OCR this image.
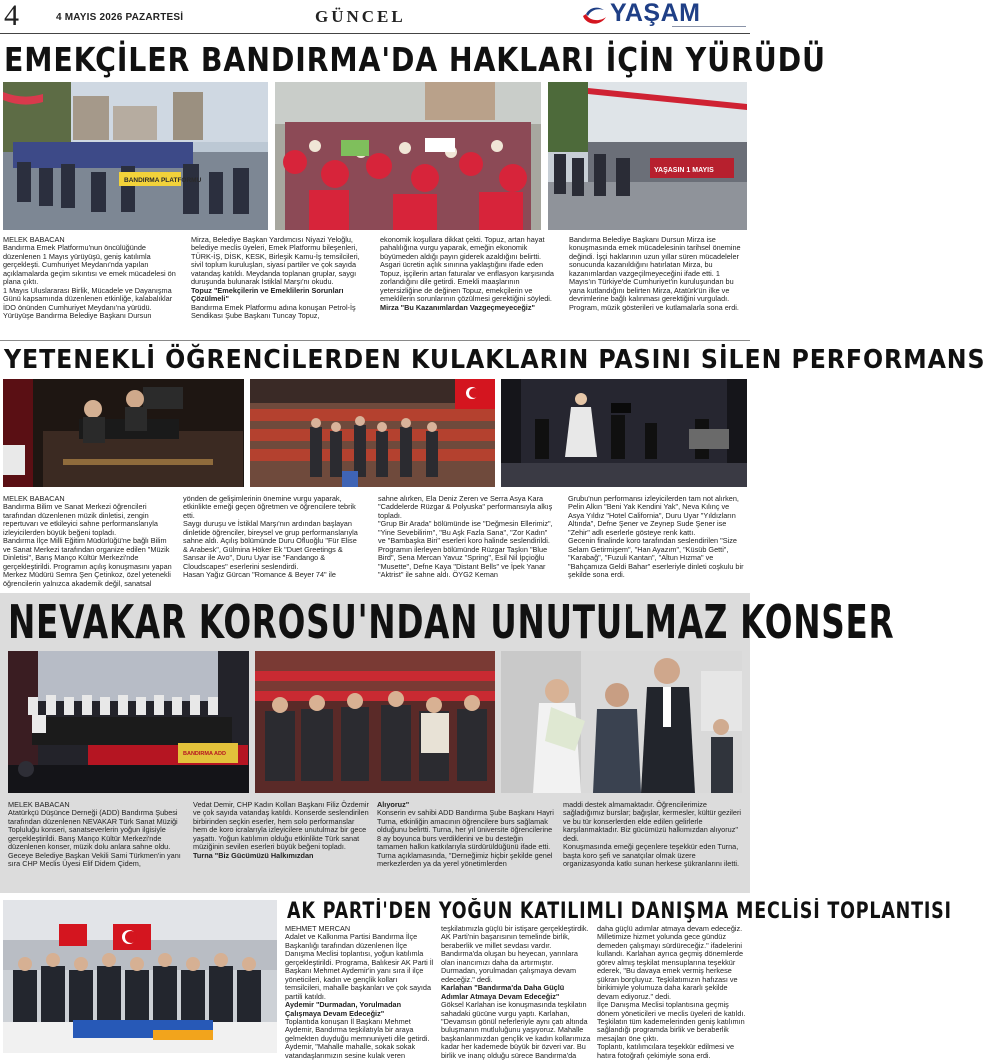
4	4 MAYIS 2026 PAZARTESİ	GÜNCEL	YAŞAM
EMEKÇİLER BANDIRMA'DA HAKLARI İÇİN YÜRÜDÜ
BANDIRMA PLATFORMU
YAŞASIN 1 MAYIS

MELEK BABACAN

Bandırma Emek Platformu'nun öncülüğünde düzenlenen 1 Mayıs yürüyüşü, geniş katılımla gerçekleşti. Cumhuriyet Meydanı'nda yapılan açıklamalarda geçim sıkıntısı ve emek mücadelesi ön plana çıktı.

1 Mayıs Uluslararası Birlik, Mücadele ve Dayanışma Günü kapsamında düzenlenen etkinliğe, kalabalıklar İDO önünden Cumhuriyet Meydanı'na yürüdü.

Yürüyüşe Bandırma Belediye Başkanı Dursun

Mirza, Belediye Başkan Yardımcısı Niyazi Yeloğlu, belediye meclis üyeleri, Emek Platformu bileşenleri, TÜRK-İŞ, DİSK, KESK, Birleşik Kamu-İş temsilcileri, sivil toplum kuruluşları, siyasi partiler ve çok sayıda vatandaş katıldı. Meydanda toplanan gruplar, saygı duruşunda bulunarak İstiklal Marşı'nı okudu.

Topuz "Emekçilerin ve Emeklilerin Sorunları Çözülmeli"

Bandırma Emek Platformu adına konuşan Petrol-İş Sendikası Şube Başkanı Tuncay Topuz,

ekonomik koşullara dikkat çekti. Topuz, artan hayat pahalılığına vurgu yaparak, emeğin ekonomik büyümeden aldığı payın giderek azaldığını belirtti. Asgari ücretin açlık sınırına yaklaştığını ifade eden Topuz, işçilerin artan faturalar ve enflasyon karşısında zorlandığını dile getirdi. Emekli maaşlarının yetersizliğine de değinen Topuz, emekçilerin ve emeklilerin sorunlarının çözülmesi gerektiğini söyledi.

Mirza "Bu Kazanımlardan Vazgeçmeyeceğiz"

Bandırma Belediye Başkanı Dursun Mirza ise konuşmasında emek mücadelesinin tarihsel önemine değindi. İşçi haklarının uzun yıllar süren mücadeleler sonucunda kazanıldığını hatırlatan Mirza, bu kazanımlardan vazgeçilmeyeceğini ifade etti. 1 Mayıs'ın Türkiye'de Cumhuriyet'in kuruluşundan bu yana kutlandığını belirten Mirza, Atatürk'ün ilke ve devrimlerine bağlı kalınması gerektiğini vurguladı.

Program, müzik gösterileri ve kutlamalarla sona erdi.

YETENEKLİ ÖĞRENCİLERDEN KULAKLARIN PASINI SİLEN PERFORMANS

MELEK BABACAN

Bandırma Bilim ve Sanat Merkezi öğrencileri tarafından düzenlenen müzik dinletisi, zengin repertuvarı ve etkileyici sahne performanslarıyla izleyicilerden büyük beğeni topladı.

Bandırma İlçe Milli Eğitim Müdürlüğü'ne bağlı Bilim ve Sanat Merkezi tarafından organize edilen "Müzik Dinletisi", Barış Manço Kültür Merkezi'nde gerçekleştirildi. Programın açılış konuşmasını yapan Merkez Müdürü Semra Şen Çetinkoz, özel yetenekli öğrencilerin yalnızca akademik değil, sanatsal

yönden de gelişimlerinin önemine vurgu yaparak, etkinlikte emeği geçen öğretmen ve öğrencilere tebrik etti.

Saygı duruşu ve İstiklal Marşı'nın ardından başlayan dinletide öğrenciler, bireysel ve grup performanslarıyla sahne aldı. Açılış bölümünde Duru Ofluoğlu "Für Elise & Arabesk", Gülmina Höker Ek "Duet Greetings & Sansar ile Avo", Duru Uyar ise "Fandango & Cloudscapes" eserlerini seslendirdi.

Hasan Yağız Gürcan "Romance & Beyer 74" ile

sahne alırken, Ela Deniz Zeren ve Serra Asya Kara "Caddelerde Rüzgar & Polyuska" performansıyla alkış topladı.

"Grup Bir Arada" bölümünde ise "Değmesin Ellerimiz", "Yine Sevebilirim", "Bu Aşk Fazla Sana", "Zor Kadın" ve "Bambaşka Biri" eserleri koro halinde seslendirildi.

Programın ilerleyen bölümünde Rüzgar Taşkın "Blue Bird", Sena Mercan Yavuz "Spring", Esil Nil İpçioğlu "Musette", Defne Kaya "Distant Bells" ve İpek Yanar "Aktrist" ile sahne aldı. ÖYG2 Keman

Grubu'nun performansı izleyicilerden tam not alırken, Pelin Alkın "Beni Yak Kendini Yak", Neva Kılınç ve Asya Yıldız "Hotel California", Duru Uyar "Yıldızların Altında", Defne Şener ve Zeynep Sude Şener ise "Zehir" adlı eserlerle gösteye renk kattı.

Gecenin finalinde koro tarafından seslendirilen "Size Selam Getirmişem", "Han Ayazım", "Küsüb Getti", "Karabağ", "Fuzuli Kantan", "Altun Hızma" ve "Bahçamıza Geldi Bahar" eserleriyle dinleti coşkulu bir şekilde sona erdi.

NEVAKAR KOROSU'NDAN UNUTULMAZ KONSER
BANDIRMA ADD

MELEK BABACAN

Atatürkçü Düşünce Derneği (ADD) Bandırma Şubesi tarafından düzenlenen NEVAKAR Türk Sanat Müziği Topluluğu konseri, sanatseverlerin yoğun ilgisiyle gerçekleştirildi. Barış Manço Kültür Merkezi'nde düzenlenen konser, müzik dolu anlara sahne oldu.

Geceye Belediye Başkan Vekili Sami Türkmen'in yanı sıra CHP Meclis Üyesi Elif Didem Çidem,

Vedat Demir, CHP Kadın Kolları Başkanı Filiz Özdemir ve çok sayıda vatandaş katıldı. Konserde seslendirilen birbirinden seçkin eserler, hem solo performanslar hem de koro icralarıyla izleyicilere unutulmaz bir gece yaşattı. Yoğun katılımın olduğu etkinlikte Türk sanat müziğinin sevilen eserleri büyük beğeni topladı.

Turna "Biz Gücümüzü Halkımızdan

Alıyoruz"

Konserin ev sahibi ADD Bandırma Şube Başkanı Hayri Turna, etkinliğin amacının öğrencilere burs sağlamak olduğunu belirtti. Turna, her yıl üniversite öğrencilerine 8 ay boyunca burs verdiklerini ve bu desteğin tamamen halkın katkılarıyla sürdürüldüğünü ifade etti.

Turna açıklamasında, "Derneğimiz hiçbir şekilde genel merkezlerden ya da yerel yönetimlerden

maddi destek almamaktadır. Öğrencilerimize sağladığımız burslar; bağışlar, kermesler, kültür gezileri ve bu tür konserlerden elde edilen gelirlerle karşılanmaktadır. Biz gücümüzü halkımızdan alıyoruz" dedi.

Konuşmasında emeği geçenlere teşekkür eden Turna, başta koro şefi ve sanatçılar olmak üzere organizasyonda katkı sunan herkese şükranlarını iletti.

AK PARTİ'DEN YOĞUN KATILIMLI DANIŞMA MECLİSİ TOPLANTISI

MEHMET MERCAN

Adalet ve Kalkınma Partisi Bandırma İlçe Başkanlığı tarafından düzenlenen İlçe Danışma Meclisi toplantısı, yoğun katılımla gerçekleştirildi. Programa, Balıkesir AK Parti İl Başkanı Mehmet Aydemir'in yanı sıra il ilçe yöneticileri, kadın ve gençlik kolları temsilcileri, mahalle başkanları ve çok sayıda partili katıldı.

Aydemir "Durmadan, Yorulmadan Çalışmaya Devam Edeceğiz"

Toplantıda konuşan İl Başkanı Mehmet Aydemir, Bandırma teşkilatıyla bir araya gelmekten duyduğu memnuniyeti dile getirdi. Aydemir, "Mahalle mahalle, sokak sokak vatandaşlarımızın sesine kulak veren

teşkilatımızla güçlü bir istişare gerçekleştirdik. AK Parti'nin başarısının temelinde birlik, beraberlik ve millet sevdası vardır. Bandırma'da oluşan bu heyecan, yarınlara olan inancımızı daha da artırmıştır. Durmadan, yorulmadan çalışmaya devam edeceğiz." dedi.

Karlahan "Bandırma'da Daha Güçlü Adımlar Atmaya Devam Edeceğiz"

Göksel Karlahan ise konuşmasında teşkilatın sahadaki gücüne vurgu yaptı. Karlahan, "Devamsın gönül neferleriyle aynı çatı altında buluşmanın mutluluğunu yaşıyoruz. Mahalle başkanlarımızdan gençlik ve kadın kollarımıza kadar her kademede büyük bir özveri var. Bu birlik ve inanç olduğu sürece Bandırma'da

daha güçlü adımlar atmaya devam edeceğiz. Milletimize hizmet yolunda gece gündüz demeden çalışmayı sürdüreceğiz." ifadelerini kullandı. Karlahan ayrıca geçmiş dönemlerde görev almış teşkilat mensuplarına teşekkür ederek, "Bu davaya emek vermiş herkese şükran borçluyuz. Teşkilatımızın hafızası ve birikimiyle yolumuza daha kararlı şekilde devam ediyoruz." dedi.

İlçe Danışma Meclisi toplantısına geçmiş dönem yöneticileri ve meclis üyeleri de katıldı. Teşkilatın tüm kademelerinden geniş katılımın sağlandığı programda birlik ve beraberlik mesajları öne çıktı.

Toplantı, katılımcılara teşekkür edilmesi ve hatıra fotoğrafı çekimiyle sona erdi.
